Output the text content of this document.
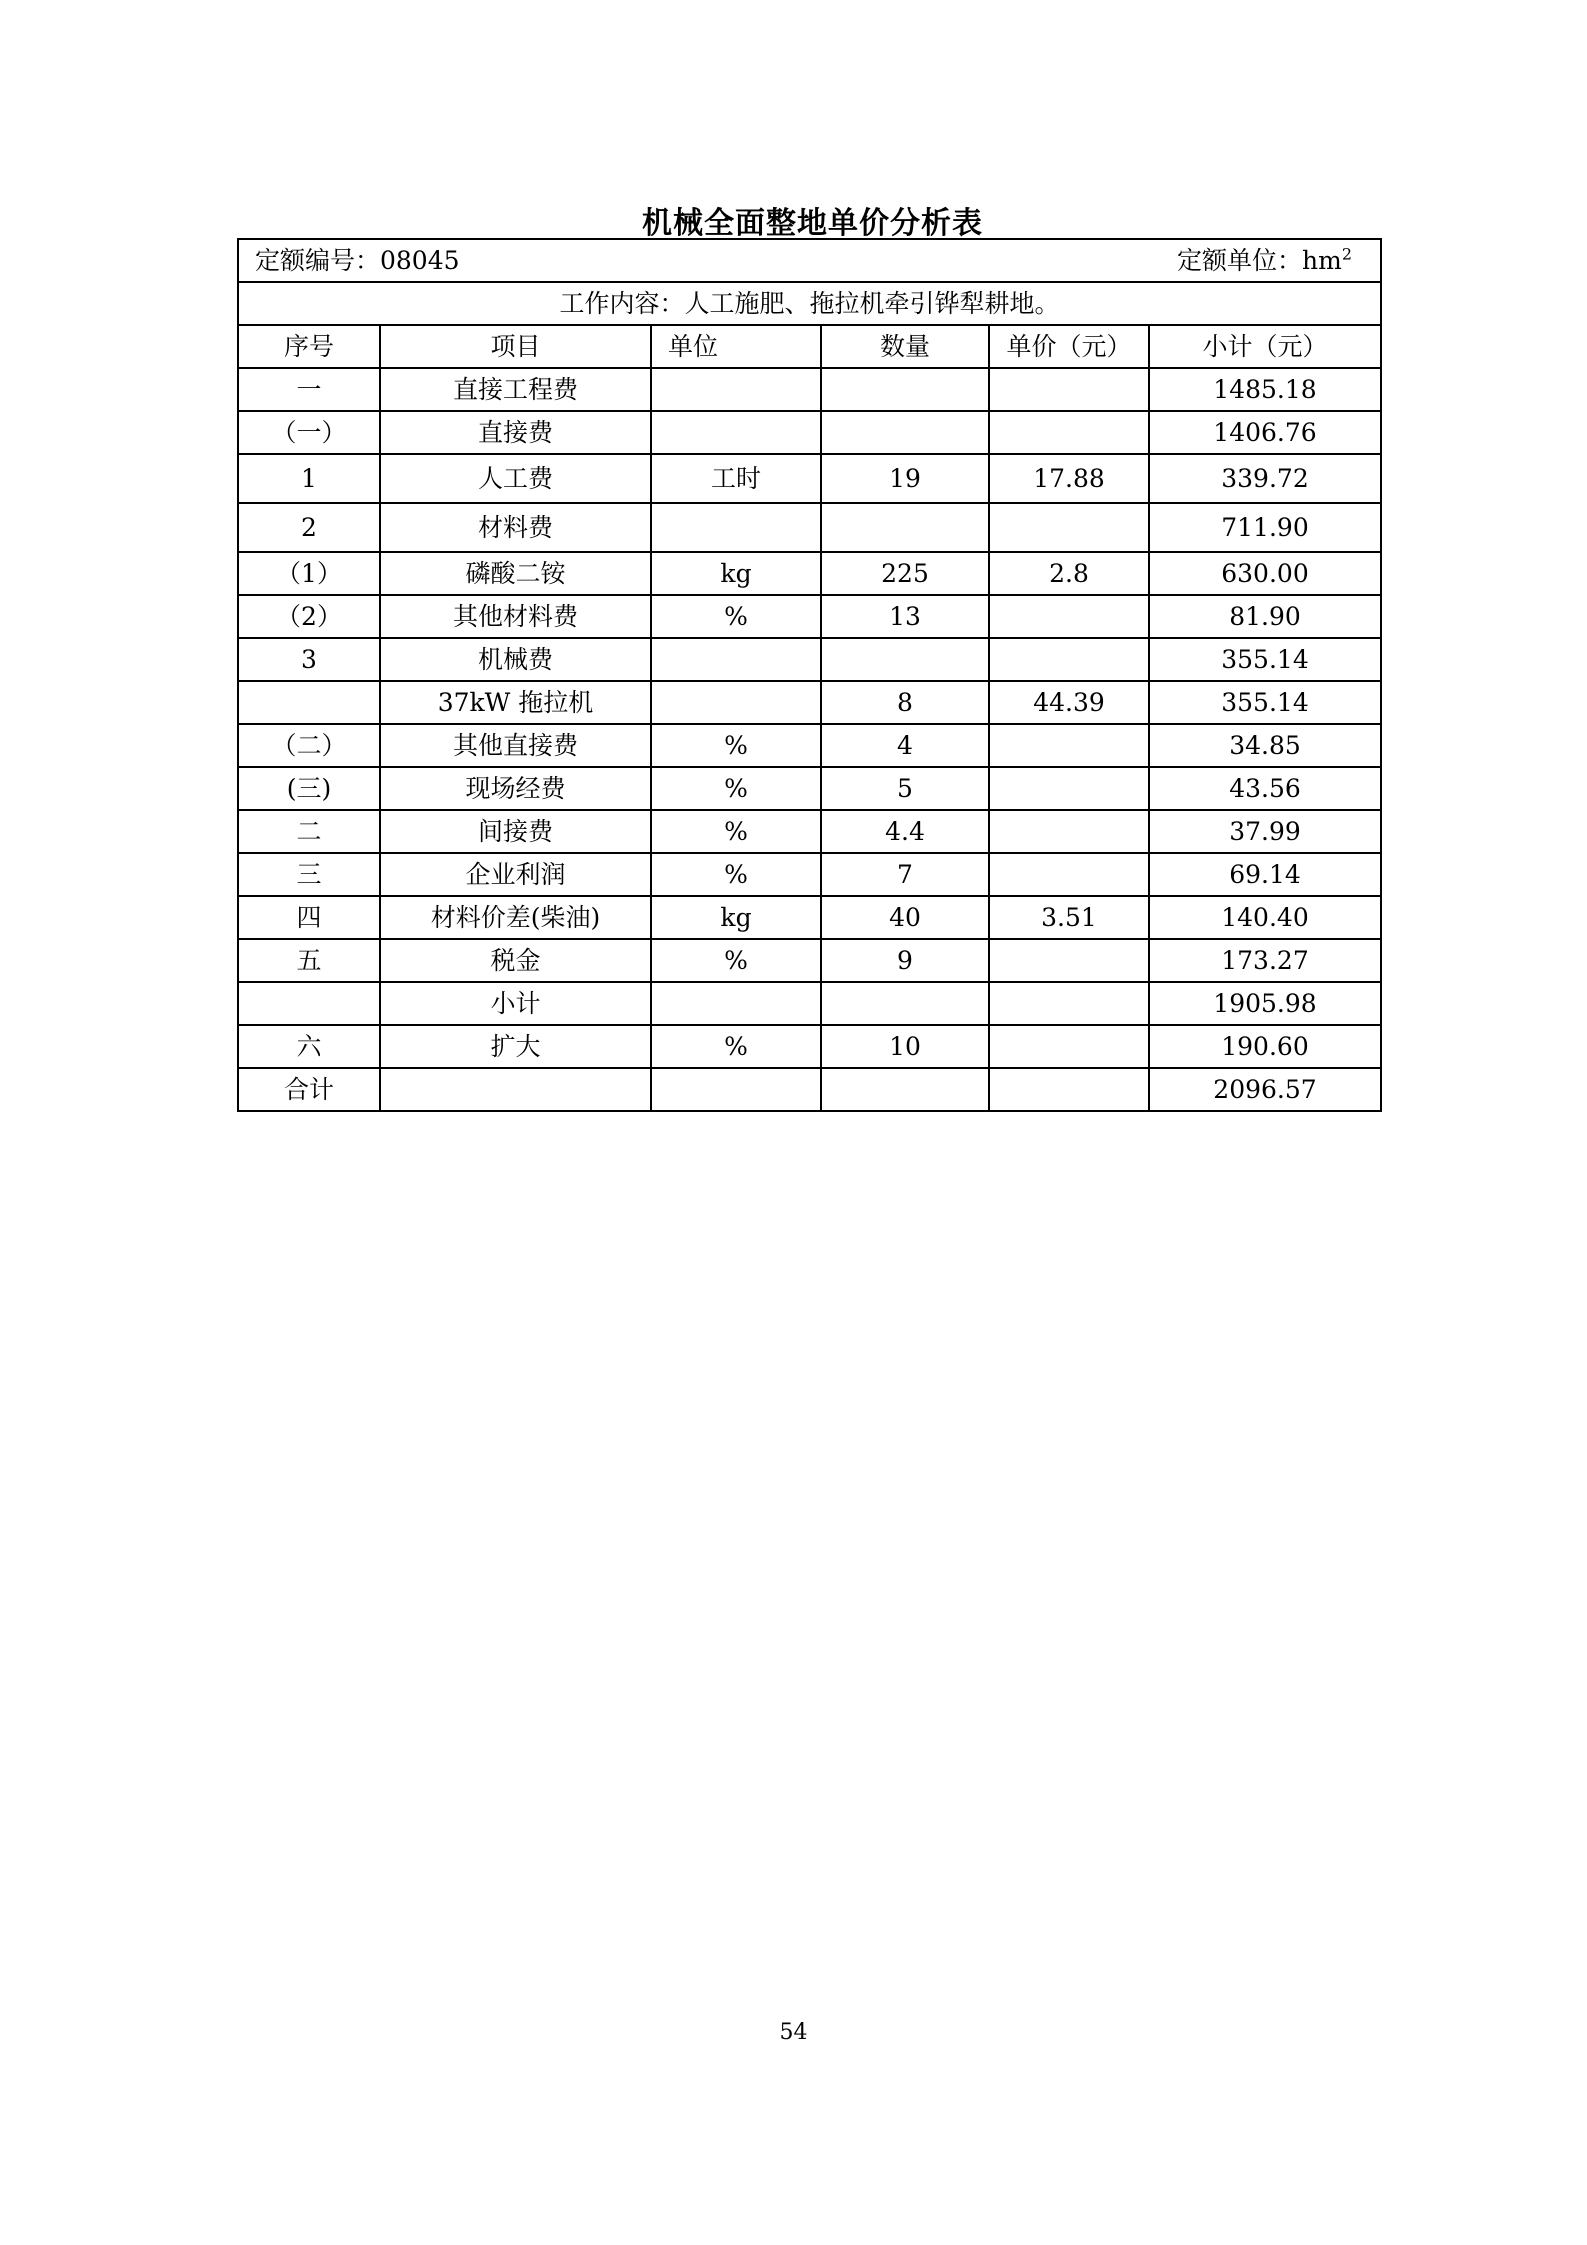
机械全面整地单价分析表
定额编号：08045 定额单位：$hm^2$

工作内容：人工施肥、拖拉机牵引铧犁耕地。					
序号	项目	单位	数量	单价（元）	小计（元）
一	直接工程费				1485.18
（一）	直接费				1406.76
1	人工费	工时	19	17.88	339.72
2	材料费				711.90
（1）	磷酸二铵	kg	225	2.8	630.00
（2）	其他材料费	%	13		81.90
3	机械费				355.14
	37kW 拖拉机		8	44.39	355.14
（二）	其他直接费	%	4		34.85
(三)	现场经费	%	5		43.56
二	间接费	%	4.4		37.99
三	企业利润	%	7		69.14
四	材料价差(柴油)	kg	40	3.51	140.40
五	税金	%	9		173.27
	小计				1905.98
六	扩大	%	10		190.60
合计					2096.57
54
